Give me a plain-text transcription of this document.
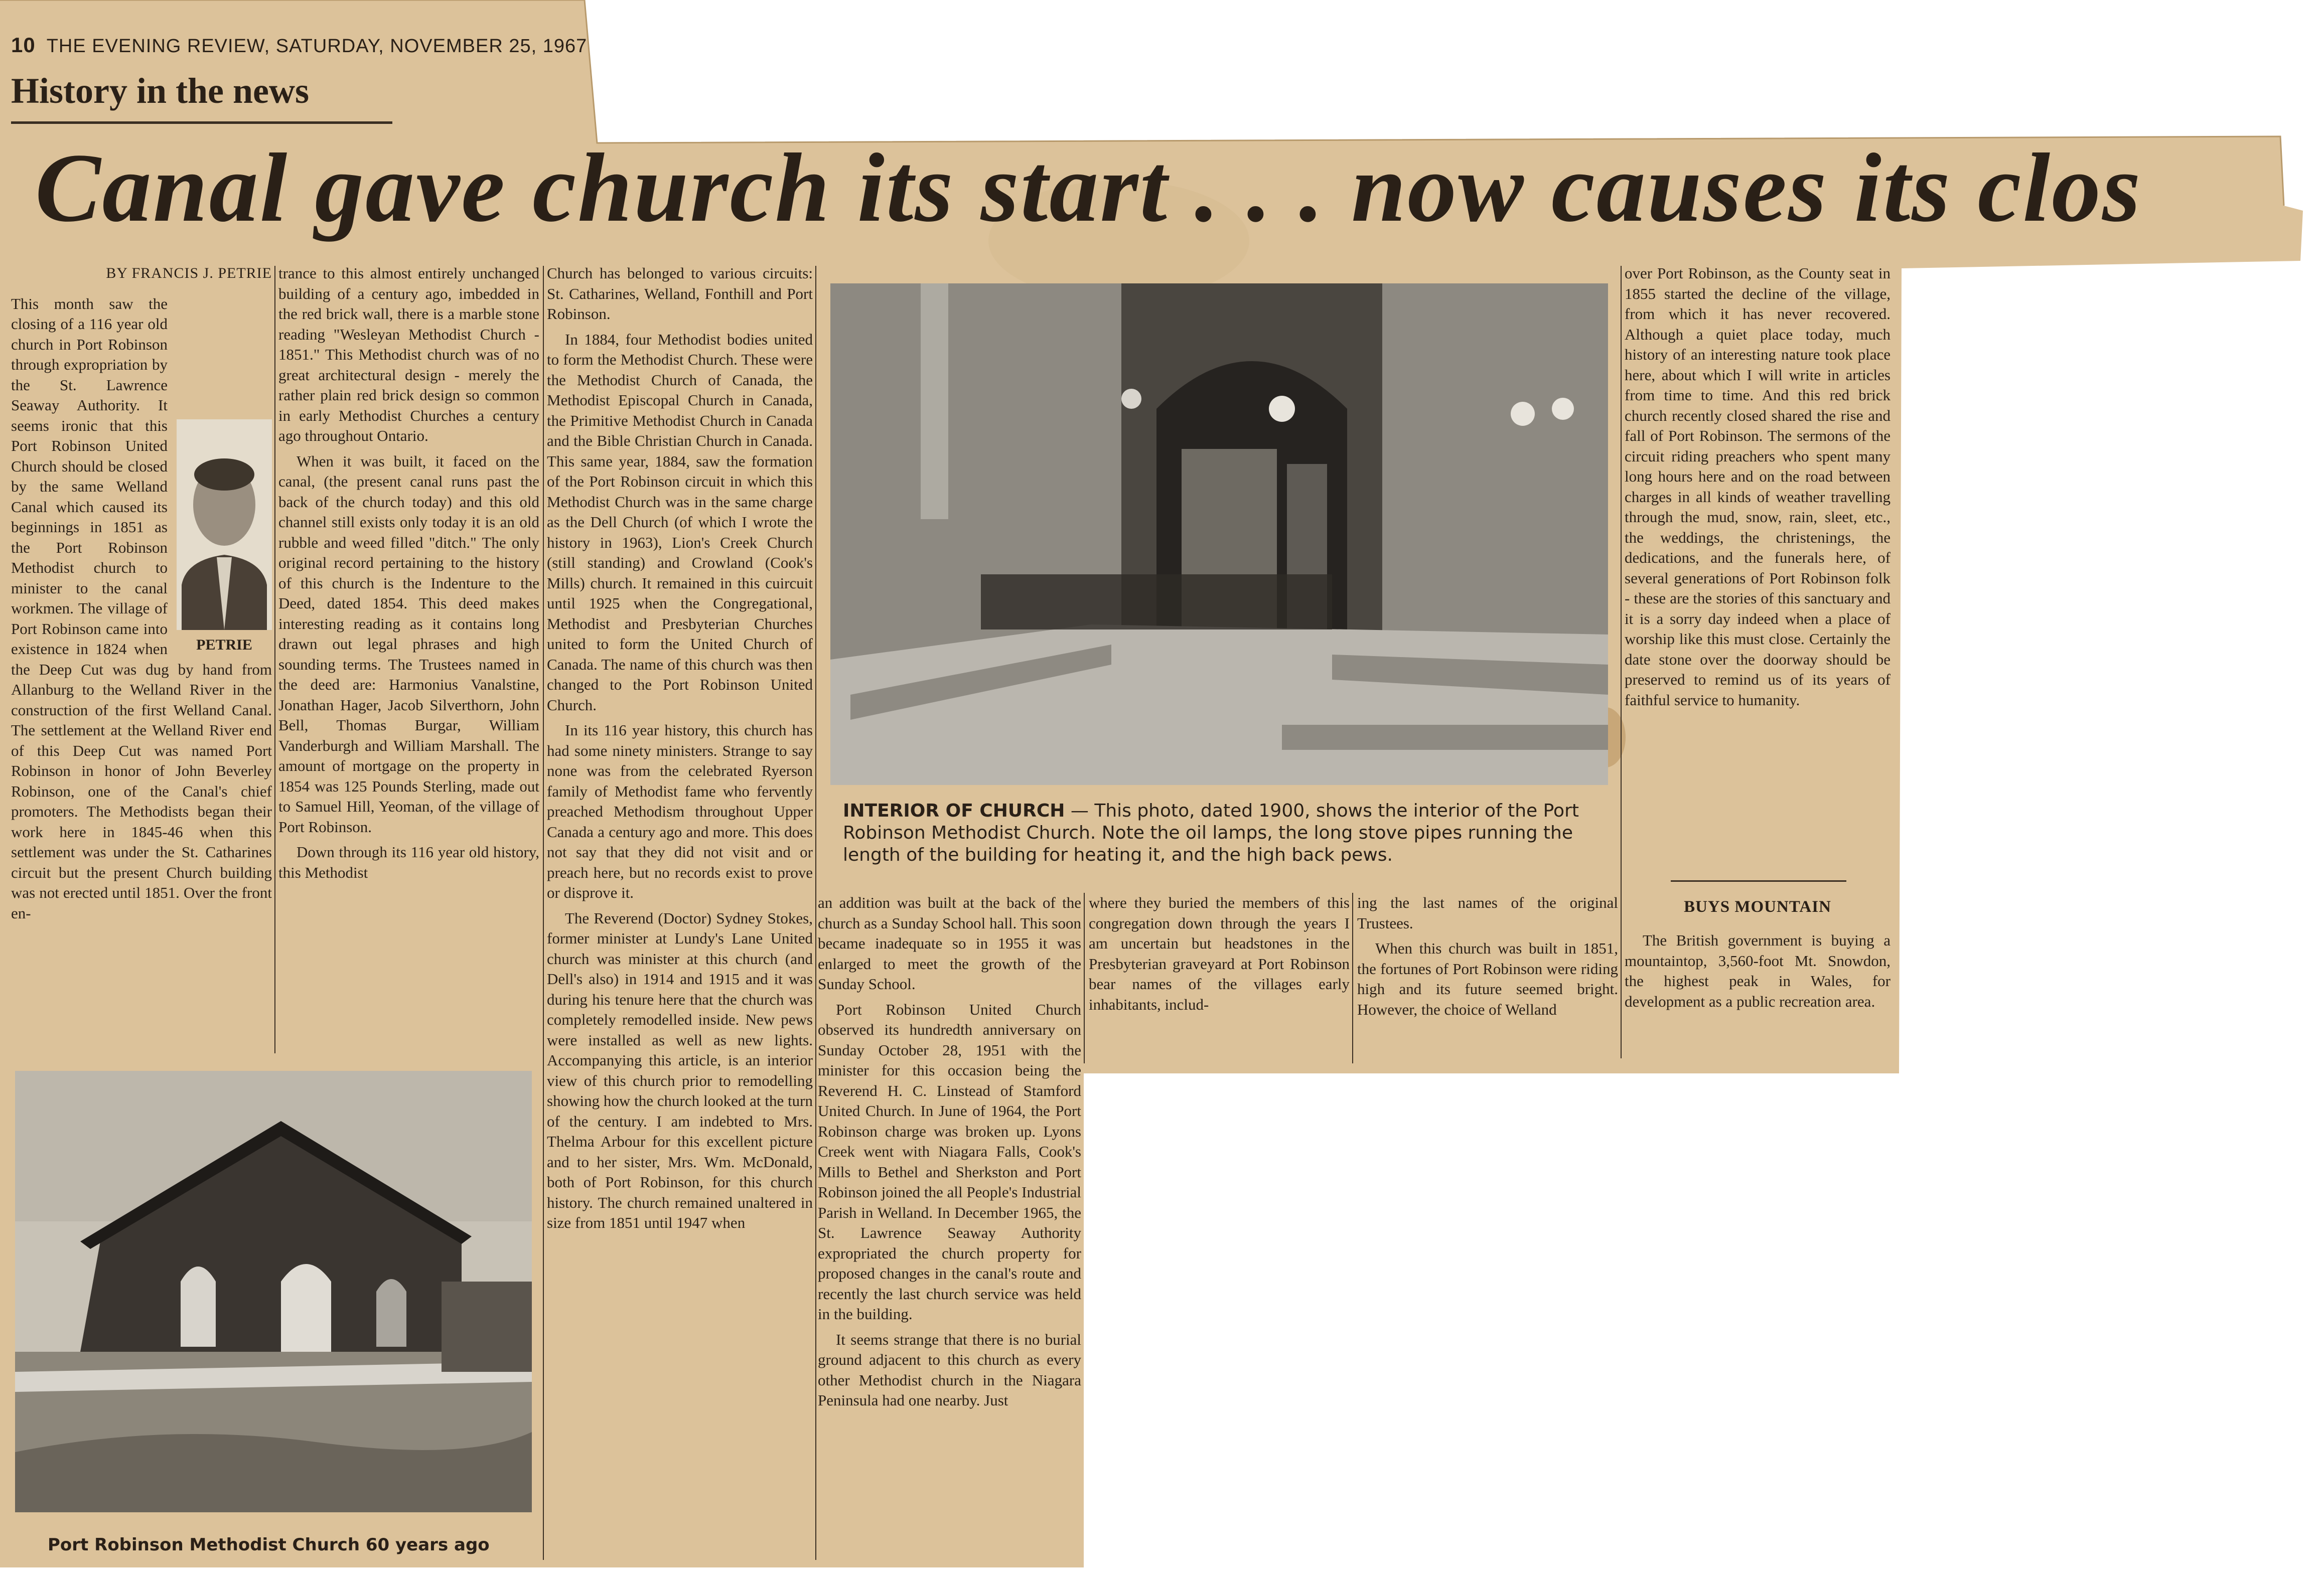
10 THE EVENING REVIEW, SATURDAY, NOVEMBER 25, 1967
History in the news
Canal gave church its start . . . now causes its clos
BY FRANCIS J. PETRIE
PETRIE

This month saw the closing of a 116 year old church in Port Robinson through expropriation by the St. Lawrence Seaway Authority. It seems ironic that this Port Robinson United Church should be closed by the same Welland Canal which caused its beginnings in 1851 as the Port Robinson Methodist church to minister to the canal workmen. The village of Port Robinson came into existence in 1824 when the Deep Cut was dug by hand from Allanburg to the Welland River in the construction of the first Welland Canal. The settlement at the Welland River end of this Deep Cut was named Port Robinson in honor of John Beverley Robinson, one of the Canal's chief promoters. The Methodists began their work here in 1845-46 when this settlement was under the St. Catharines circuit but the present Church building was not erected until 1851. Over the front en-

trance to this almost entirely unchanged building of a century ago, imbedded in the red brick wall, there is a marble stone reading "Wesleyan Methodist Church - 1851." This Methodist church was of no great architectural design - merely the rather plain red brick design so common in early Methodist Churches a century ago throughout Ontario.

When it was built, it faced on the canal, (the present canal runs past the back of the church today) and this old channel still exists only today it is an old rubble and weed filled "ditch." The only original record pertaining to the history of this church is the Indenture to the Deed, dated 1854. This deed makes interesting reading as it contains long drawn out legal phrases and high sounding terms. The Trustees named in the deed are: Harmonius Vanalstine, Jonathan Hager, Jacob Silverthorn, John Bell, Thomas Burgar, William Vanderburgh and William Marshall. The amount of mortgage on the property in 1854 was 125 Pounds Sterling, made out to Samuel Hill, Yeoman, of the village of Port Robinson.

Down through its 116 year old history, this Methodist

Church has belonged to various circuits: St. Catharines, Welland, Fonthill and Port Robinson.

In 1884, four Methodist bodies united to form the Methodist Church. These were the Methodist Church of Canada, the Methodist Episcopal Church in Canada, the Primitive Methodist Church in Canada and the Bible Christian Church in Canada. This same year, 1884, saw the formation of the Port Robinson circuit in which this Methodist Church was in the same charge as the Dell Church (of which I wrote the history in 1963), Lion's Creek Church (still standing) and Crowland (Cook's Mills) church. It remained in this cuircuit until 1925 when the Congregational, Methodist and Presbyterian Churches united to form the United Church of Canada. The name of this church was then changed to the Port Robinson United Church.

In its 116 year history, this church has had some ninety ministers. Strange to say none was from the celebrated Ryerson family of Methodist fame who fervently preached Methodism throughout Upper Canada a century ago and more. This does not say that they did not visit and or preach here, but no records exist to prove or disprove it.

The Reverend (Doctor) Sydney Stokes, former minister at Lundy's Lane United church was minister at this church (and Dell's also) in 1914 and 1915 and it was during his tenure here that the church was completely remodelled inside. New pews were installed as well as new lights. Accompanying this article, is an interior view of this church prior to remodelling showing how the church looked at the turn of the century. I am indebted to Mrs. Thelma Arbour for this excellent picture and to her sister, Mrs. Wm. McDonald, both of Port Robinson, for this church history. The church remained unaltered in size from 1851 until 1947 when

INTERIOR OF CHURCH — This photo, dated 1900, shows the interior of the Port Robinson Methodist Church. Note the oil lamps, the long stove pipes running the length of the building for heating it, and the high back pews.

an addition was built at the back of the church as a Sunday School hall. This soon became inadequate so in 1955 it was enlarged to meet the growth of the Sunday School.

Port Robinson United Church observed its hundredth anniversary on Sunday October 28, 1951 with the minister for this occasion being the Reverend H. C. Linstead of Stamford United Church. In June of 1964, the Port Robinson charge was broken up. Lyons Creek went with Niagara Falls, Cook's Mills to Bethel and Sherkston and Port Robinson joined the all People's Industrial Parish in Welland. In December 1965, the St. Lawrence Seaway Authority expropriated the church property for proposed changes in the canal's route and recently the last church service was held in the building.

It seems strange that there is no burial ground adjacent to this church as every other Methodist church in the Niagara Peninsula had one nearby. Just

where they buried the members of this congregation down through the years I am uncertain but headstones in the Presbyterian graveyard at Port Robinson bear names of the villages early inhabitants, includ-

ing the last names of the original Trustees.

When this church was built in 1851, the fortunes of Port Robinson were riding high and its future seemed bright. However, the choice of Welland

over Port Robinson, as the County seat in 1855 started the decline of the village, from which it has never recovered. Although a quiet place today, much history of an interesting nature took place here, about which I will write in articles from time to time. And this red brick church recently closed shared the rise and fall of Port Robinson. The sermons of the circuit riding preachers who spent many long hours here and on the road between charges in all kinds of weather travelling through the mud, snow, rain, sleet, etc., the weddings, the christenings, the dedications, and the funerals here, of several generations of Port Robinson folk - these are the stories of this sanctuary and it is a sorry day indeed when a place of worship like this must close. Certainly the date stone over the doorway should be preserved to remind us of its years of faithful service to humanity.

BUYS MOUNTAIN

The British government is buying a mountaintop, 3,560-foot Mt. Snowdon, the highest peak in Wales, for development as a public recreation area.

Port Robinson Methodist Church 60 years ago
